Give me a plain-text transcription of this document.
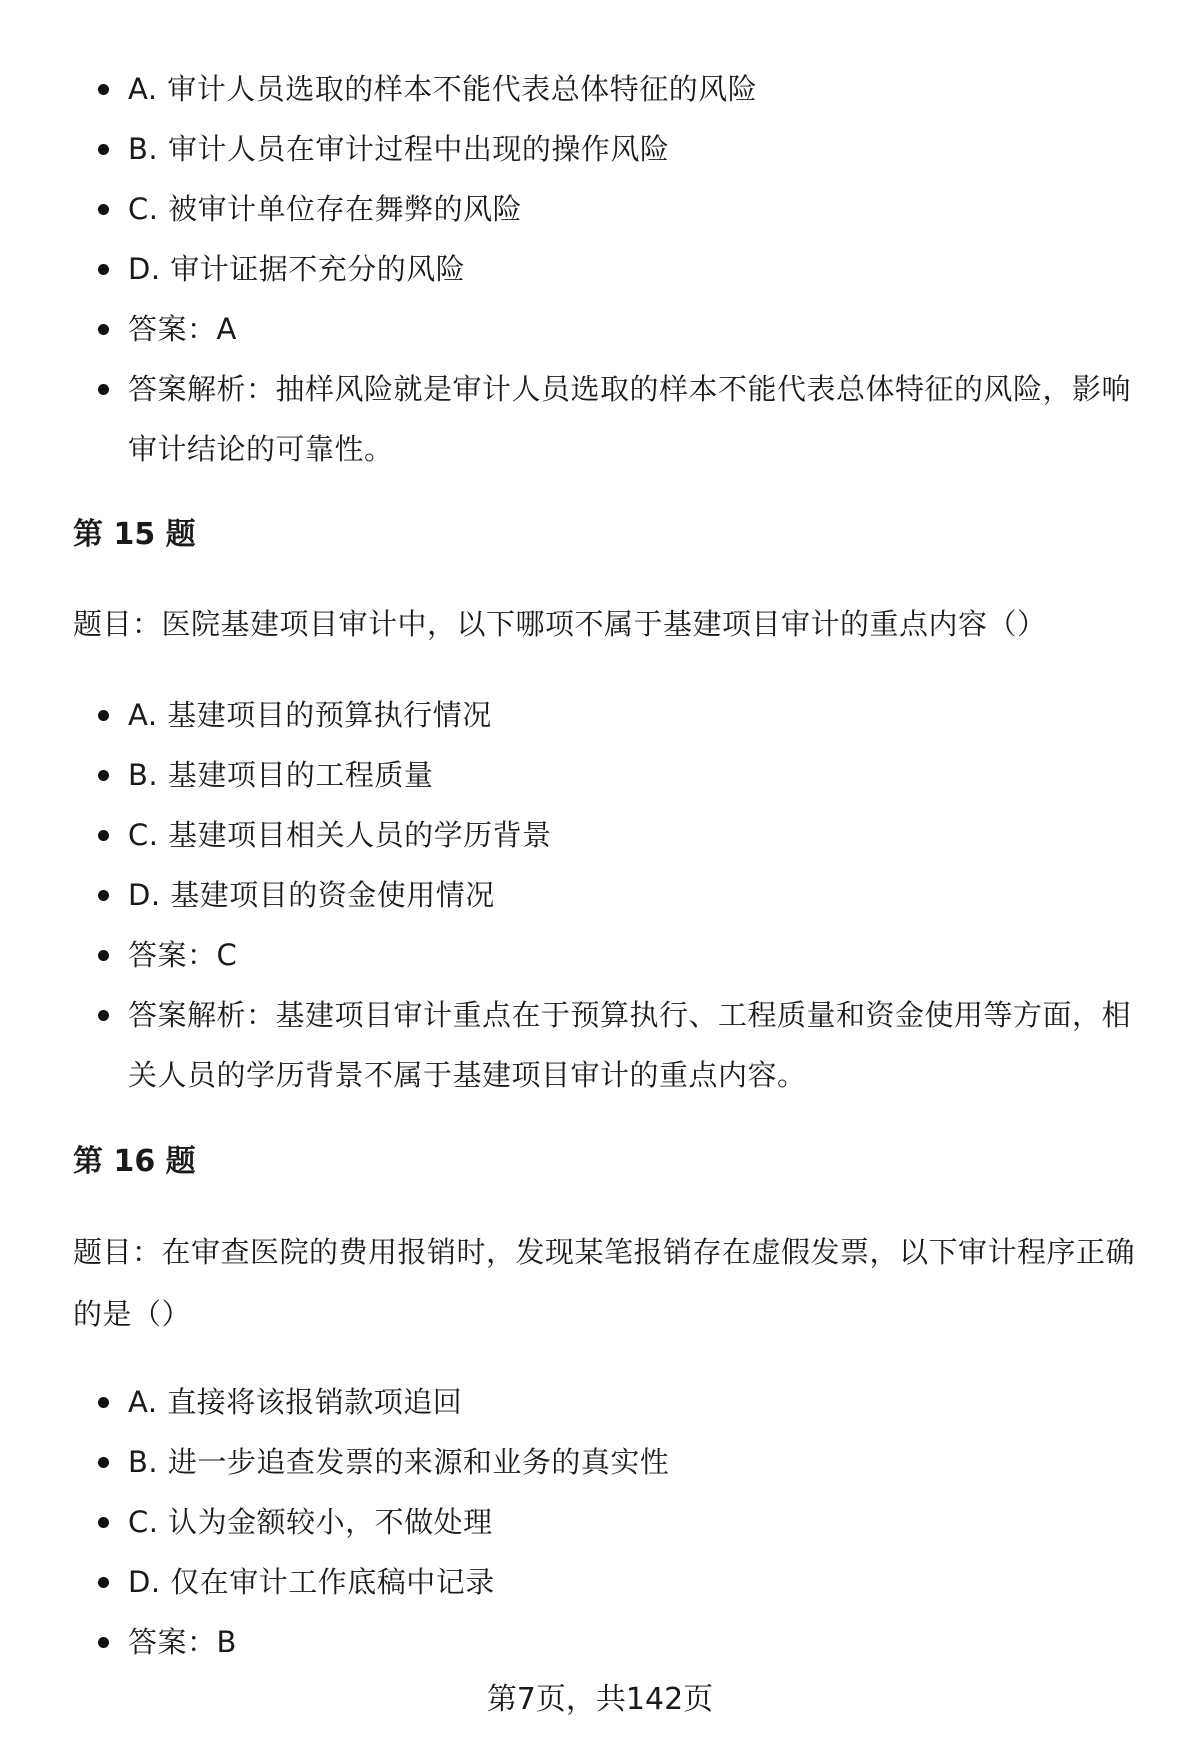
A. 审计人员选取的样本不能代表总体特征的风险
B. 审计人员在审计过程中出现的操作风险
C. 被审计单位存在舞弊的风险
D. 审计证据不充分的风险
答案：A
答案解析：抽样风险就是审计人员选取的样本不能代表总体特征的风险，影响审计结论的可靠性。
第 15 题
题目：医院基建项目审计中，以下哪项不属于基建项目审计的重点内容（）
A. 基建项目的预算执行情况
B. 基建项目的工程质量
C. 基建项目相关人员的学历背景
D. 基建项目的资金使用情况
答案：C
答案解析：基建项目审计重点在于预算执行、工程质量和资金使用等方面，相关人员的学历背景不属于基建项目审计的重点内容。
第 16 题
题目：在审查医院的费用报销时，发现某笔报销存在虚假发票，以下审计程序正确的是（）
A. 直接将该报销款项追回
B. 进一步追查发票的来源和业务的真实性
C. 认为金额较小，不做处理
D. 仅在审计工作底稿中记录
答案：B
第7页，共142页
